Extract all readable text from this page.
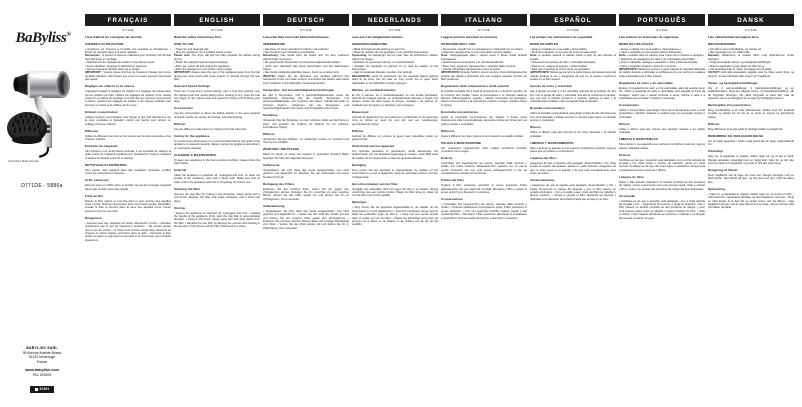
BaByliss®
Instructions Mode d'emploi
D771DE - 5886a
BABYLISS SARL
99 Avenue Aristide Briand
92120 Montrouge
France
www.babyliss.com
FAC 2008/09
300H
FRANÇAIS
D771DE
Lisez d'abord les consignes de sécurité.
CONSEILS D'UTILISATION
• Employez sur cheveux à humidité une serviette et démêlez-les. • Évitez de l'appareil dans une pièce adaptée.
Remarques : le séchoir à cheveux collectera pour conforter l'air humide dont alimenter en séchage.
• Sélectionnez les réglages de chaleur et de vitesse requis.
• Après utilisation, éteignez et débranchez l'appareil.
• Laissez l'appareil refroidir avant de le ranger.
IMPORTANT ! L'avant risque d'arriver de l'appareil d'usage des forces pendant utilisation, afin d'éviter que vous n'en avant appuyez pas la tête des unités.
Réglages de chaleur et de vitesse
L'appareil possède 3 réglages de chaleur et 2 réglages de vitesse ainsi qu'une position air frais. Utilisez les réglages de chaleur et de vitesse maximum au début du séchage. Une fois que les cheveux commencent à sécher, préférez les réglages de chaleur et de vitesse modérés pour terminer et mettre et la coiffure par fin coup.
Embout concentrateur
Utilisez l'embout concentrateur pour diriger le flux d'air directement sur la zone souhaitée et travailler mèche par mèche pour obtenir un coiffage précis et maîtrisé.
Diffuseur
Utilisez le diffuseur pour donner du volume aux boucles naturelles et les cheveux ondulés.
Entretien de l'appareil
Afin d'assurer une performance optimale, il est conseillé de nettoyer la grille arrière de l'appareil régulièrement. Débranchez toujours l'appareil et laissez-le refroidir avant de le nettoyer.
NETTOYAGE ET ENTRETIEN
Pour garder votre appareil dans des conditions optimales, veuillez suivre les instructions ci-dessous.
Grille extérieure
Essuyez avec un chiffon doux et humide. Ne jamais immerger l'appareil dans l'eau ou dans tout autre liquide.
Filtre arrière
Retirez le filtre arrière en tournant dans le sens inverse des aiguilles d'une montre. Nettoyez doucement avec une brosse souple. Réinstallez ensuite le filtre et tournez dans le sens des aiguilles d'une montre jusqu'à ce qu'il se verrouille.
Rangement
• Assurez-vous que l'appareil est éteint, débranché et froid. • Attendez entièrement que le jour de l'appareil à l'extrême. • Ne coupez jamais que le jour du cordon. • À l'aide d'une brosse souple deux éléments au cheveux et autres résidus accrochez dans la grille. • Remettre le filtre arrière et placer en appuyant en tournant et en retournant vers la finètre pressez-en.
ENGLISH
D771DE
Read the safety instructions first.
HOW TO USE
• Towel dry and detangle hair.
• Plug the appliance into a suitable mains socket.
Please note: The dryer will pull the hairs towards the airflow during drying.
• Select the required heat and speed settings.
• After use, switch off and unplug the appliance.
• Allow the appliance to cool before storing away.
IMPORTANT! Always keep the rear of the appliance away from the hair during use, and ensure that loose strands or strands through the rear filter.
Heat and Speed Settings
There are 3 heat and 2 speed settings, plus a cool shot position. Use the highest heat and speed setting when starting to dry; once the hair has begun to dry, reduce heat and speed for styling and finishing your style.
Concentrator
Use the concentrator to direct the airflow directly to the area required and work section by section for precise, controlled styling.
Diffuser
Use the diffuser to add volume to natural curls and wavy hair.
Caring for the appliance
To ensure best performance it is recommended that the rear grille of the appliance is cleaned regularly. Always unplug the appliance and allow it to cool before cleaning.
CLEANING & MAINTENANCE
To keep your appliance in the best possible condition, please follow the steps below.
External
Clean the appliance is switched off, unplugged and cool. To clean the outside of the appliance, wipe with a damp cloth. Make sure that no water enters the appliance and that is completely dry before use.
Cleaning the filter
Remove the rear filter by rotating it anti-clockwise. Clean gently with a soft brush. Replace the filter and rotate clockwise until it locks into place.
Storing
• Ensure the appliance is switched off, unplugged and cool. • Holding the handle of the appliance firmly, twist the rear filter in anti-clockwise direction. • Using a soft brush, sweep away hair and other debris from the filter. • Replace the rear filter by aligning the grooves and twisting in the direction of the arrow until the filter clicks back into place.
DEUTSCH
D771DE
Lesen Sie bitte zuerst die Sicherheitshinweise.
VERWENDUNG
• Das Haar mit einem Handtuch trocknen und entwirren.
• Das Gerät an eine Steckdose anschließen.
Bemerkung: Das Gerät zieht die Haare auf, mit dem Luftstrom während des Trocknens.
• Die gewünschte Temperatur und Geschwindigkeitsstufe wählen.
• Nach dem Gebrauch das Gerät ausschalten und den Netzstecker ziehen.
• Das Gerät vollständig abkühlen lassen, bevor es verstaut wird.
WICHTIG! Halten Sie die Rückseite des Gerätes während des Gebrauchs immer vom Haar entfernt und achten Sie darauf, dass keine losen Strähnen in das Filtergitter eingesaugt werden.
Temperatur- und Geschwindigkeitseinstellungen
Es gibt 3 Temperatur- und 2 Geschwindigkeitsstufen sowie die Kaltluftstufe. Verwenden Sie die höchste Temperatur- und Geschwindigkeitsstufe zum Trocknen des Haars. Sobald das Haar zu trocknen beginnt, reduzieren Sie die Temperatur- und Geschwindigkeitsstufe zum Stylen und Fertigstellen Ihrer Frisur.
Styledüse
Verwenden Sie die Styledüse, um den Luftstrom direkt auf die Partie zu leiten und arbeiten Sie Strähne für Strähne für ein präzises, kontrolliertes Styling.
Diffusor
Verwenden Sie den Diffusor, um natürlichen Locken zu verleihen und Volumen zu schaffen.
WARTUNG UND PFLEGE
Damit Ihr Gerät so lange wie möglich in optimalem Zustand bleibt, beachten Sie bitte die folgenden Hinweise.
Außenseite
Vergewissern Sie sich, dass das Gerät ausgeschaltet, vom Netz getrennt und abgekühlt ist. Wischen Sie die Außenseite mit einem feuchten Tuch ab.
Reinigung des Filters
Entfernen Sie den hinteren Filter, indem Sie ihn gegen den Uhrzeigersinn drehen. Reinigen Sie ihn vorsichtig mit einer weichen Bürste. Setzen Sie den Filter wieder ein und drehen Sie ihn im Uhrzeigersinn, bis er einrastet.
Aufbewahrung
• Vergewissern Sie sich, dass das Gerät ausgeschaltet, vom Netz getrennt und abgekühlt ist. • Halten Sie den Griff des Geräts gut fest und drehen Sie den hinteren Filter gegen den Uhrzeigersinn. • Entfernen Sie mit einer weichen Bürste Haare und sonstige Rückstände vom Filter. • Setzen Sie den Filter wieder auf und drehen Sie ihn in Pfeilrichtung, bis er einrastet.
NEDERLANDS
D771DE
Lees eerst de veiligheidsinstructies.
GEBRUIKSAANWIJZING
• Maak het haar handdoekdroog en kam het.
• Steek de stekker van het apparaat in een geschikt stopcontact.
Opmerking: de haardroger zal het haar naar de luchtstroom trekken tijdens het drogen.
• Selecteer de gewenste warmte- en snelheidsstand.
• Schakel het apparaat na gebruik uit en haal de stekker uit het stopcontact.
• Laat het apparaat afkoelen voordat u het opbergt.
BELANGRIJK! Houd de achterkant van het apparaat tijdens gebruik altijd uit de buurt van het haar en zorg ervoor dat er geen losse haarlokken in het achterfilter worden gezogen.
Warmte- en snelheidsstanden
Er zijn 3 warmte- en 2 snelheidsstanden en een koude luchtstand. Gebruik de hoogste warmte- en snelheidsstand wanneer u begint met drogen. Zodra het haar begint te drogen, verlaagt u de warmte en snelheid voor het stylen en afwerken van uw kapsel.
Blaasmond
Gebruik de blaasmond om de luchtstroom rechtstreeks op de gewenste zone te richten en werk lok voor lok voor een nauwkeurige, gecontroleerde styling.
Diffuser
Gebruik de diffuser om volume te geven aan natuurlijke krullen en golvend haar.
Onderhoud van het apparaat
Om optimale prestaties te garanderen, wordt aanbevolen het achterrooster van het apparaat regelmatig te reinigen. Haal altijd eerst de stekker uit het stopcontact en laat het apparaat afkoelen.
Reiniging
Zorg ervoor dat het apparaat is uitgeschakeld, de stekker uit het stopcontact is en het is afgekoeld. Veeg de buitenkant schoon met een vochtige doek.
Het schoonmaken van het filter
Verwijder het achterfilter door het tegen de klok in te draaien. Reinig voorzichtig met een zachte borstel. Plaats het filter terug en draai het met de klok mee tot het vastklikt.
Opbergen
• Zorg ervoor dat het apparaat uitgeschakeld is, de stekker uit het stopcontact is en het afgekoeld is. • Houd de handgreep stevig vast en draai het achterfilter tegen de klok in. • Veeg met een zachte borstel haar en ander vuil van het filter. • Plaats het achterfilter terug door de groeven uit te lijnen en te draaien in de richting van de pijl tot het vastklikt.
ITALIANO
D771DE
Leggere prima le istruzioni di sicurezza.
ISTRUZIONI PER L'USO
• Tamponare i capelli con un asciugamano e districarli con un pettine.
• Attaccare l'apparecchio a una presa della corrente adatta.
Nota: l'asciugacapelli attira i capelli verso il flusso d'aria durante l'asciugatura.
• Selezionare la temperatura e la velocità desiderate.
• Dopo l'uso, spegnere l'apparecchio e staccarlo dalla corrente.
• Lasciar raffreddare l'apparecchio prima di riporlo.
IMPORTANTE! Durante l'utilizzo tenere sempre il retro dell'apparecchio lontano dai capelli e accertarsi che non vengano aspirate ciocche nel filtro posteriore.
Regolazione della temperatura e della velocità
È possibile scegliere fra 3 livelli di temperatura e 2 livelli di velocità, più la funzione aria fredda. Usare la temperatura e la velocità massime all'inizio dell'asciugatura; quando i capelli cominciano ad asciugarsi, ridurre la temperatura e la velocità per mettere in piega i capelli e rifinire lo styling.
Bocchetta concentratrice
Usare la bocchetta concentratrice per dirigere il flusso d'aria direttamente sulla zona desiderata, lavorando ciocca per ciocca per uno styling preciso e controllato.
Diffusore
Usare il diffusore per dare volume ai ricci naturali e ai capelli ondulati.
PULIZIA E MANUTENZIONE
Per mantenere l'apparecchio nelle migliori condizioni possibili, procedere come segue.
Esterno
Controllare che l'apparecchio sia spento, staccato dalla corrente e freddo. Per pulire l'esterno dell'apparecchio, passare con un panno umido. Accertarsi che non entri acqua nell'apparecchio e che sia completamente asciutto prima dell'uso.
Pulizia del filtro
Togliere il filtro posteriore girandolo in senso antiorario. Pulire delicatamente con una spazzola morbida. Rimettere il filtro e girarlo in senso orario fino a bloccarlo in posizione.
Conservazione
• Controllare che l'apparecchio sia spento, staccato dalla corrente e freddo. • Tenendo saldamente l'impugnatura, girare il filtro posteriore in senso antiorario. • Con una spazzola morbida, togliere capelli e altri residui dal filtro. • Rimettere il filtro posteriore allineando le scanalature e girandolo in direzione della freccia fino a bloccarlo in posizione.
ESPAÑOL
D771DE
Lea primero las instrucciones de seguridad.
MODO DE EMPLEO
• Seque el cabello con una toalla y desenrédelo.
• Enchufe el aparato a una toma de corriente adecuada.
Nota: el secador atraerá el cabello hacia el flujo de aire durante el secado.
• Seleccione los ajustes de calor y velocidad deseados.
• Tras el uso, apague el aparato y desenchúfelo.
• Deje que el aparato se enfríe antes de guardarlo.
¡IMPORTANTE! Mantenga siempre la parte trasera del aparato lejos del cabello durante el uso y asegúrese de que no se aspiren mechones sueltos en el filtro trasero.
Ajustes de calor y velocidad
Hay 3 ajustes de calor y 2 de velocidad, además de la posición de aire frío. Use el ajuste de calor y velocidad más alto al comenzar el secado; una vez que el cabello comience a secarse, reduzca el calor y la velocidad para moldear y dar el acabado final al peinado.
Boquilla concentradora
Utilice la boquilla concentradora para dirigir el flujo de aire directamente a la zona deseada y trabaje mechón a mechón para lograr un peinado preciso y controlado.
Difusor
Utilice el difusor para dar volumen a los rizos naturales y al cabello ondulado.
LIMPIEZA Y MANTENIMIENTO
Para mantener el aparato en las mejores condiciones posibles, siga los pasos que se indican a continuación.
Limpieza del filtro
Asegúrese de que el aparato esté apagado, desenchufado y frío. Para limpiar el exterior del aparato, pásele un paño húmedo. Asegúrese de que no entre agua en el aparato y de que esté completamente seco antes de usarlo.
Almacenamiento
• Asegúrese de que el aparato esté apagado, desenchufado y frío. • Sujete firmemente el mango del aparato y gire el filtro trasero en sentido antihorario. • Con un cepillo suave, retire del filtro los cabellos y demás residuos. • Vuelva a colocar el filtro alineando las ranuras y girándolo en la dirección de la flecha hasta que encaje en su sitio.
PORTUGUÊS
D771DE
Leia primeiro as instruções de segurança.
MODO DE UTILIZAÇÃO
• Seque o cabelo com uma toalha e desembarace-o.
• Ligue o aparelho a uma tomada elétrica adequada.
Nota: o secador atrai os cabelos para o fluxo de ar durante a secagem.
• Selecione as regulações de calor e de velocidade pretendidas.
• Após a utilização, desligue o aparelho e retire a ficha da tomada.
• Deixe o aparelho arrefecer antes de o arrumar.
IMPORTANTE! Mantenha sempre a parte traseira do aparelho afastada do cabelo durante a utilização e certifique-se de que nenhuma madeixa solta é aspirada para o filtro traseiro.
Regulações de calor e de velocidade
Existem 3 regulações de calor e 2 de velocidade, além da posição de ar frio. Utilize a regulação de calor e velocidade mais elevada no início da secagem; assim que o cabelo começar a secar, reduza o calor e a velocidade para modelar e finalizar o penteado.
Concentrador
Utilize o concentrador para dirigir o fluxo de ar diretamente para a zona pretendida e trabalhe madeixa a madeixa para um penteado preciso e controlado.
Difusor
Utilize o difusor para dar volume aos caracóis naturais e ao cabelo ondulado.
LIMPEZA E MANUTENÇÃO
Para manter o seu aparelho nas melhores condições possíveis, siga os passos indicados abaixo.
Exterior
Certifique-se de que o aparelho está desligado, com a ficha retirada da tomada e frio. Para limpar o exterior do aparelho, passe um pano húmido. Certifique-se de que não entra água no aparelho e de que está completamente seco antes de o utilizar.
Limpeza do filtro
Retire o filtro traseiro rodando-o no sentido contrário ao dos ponteiros do relógio. Limpe suavemente com uma escova macia. Volte a colocar o filtro e rode-o no sentido dos ponteiros do relógio até ficar bloqueado.
Arrumação
• Certifique-se de que o aparelho está desligado, com a ficha retirada da tomada e frio. • Segurando firmemente a pega do aparelho, rode o filtro traseiro no sentido contrário ao dos ponteiros do relógio. • Com uma escova macia, retire os cabelos e outros resíduos do filtro. • Volte a colocar o filtro traseiro alinhando as ranhuras e rodando-o na direção da seta até encaixar no lugar.
DANSK
D771DE
Læs sikkerhedsanvisningerne først.
BRUGSANVISNING
• Tør håret med et håndklæde, og red det ud.
• Sæt apparatet ind i en stikkontakt.
Bemærk: hårtørreren vil trække håret mod luftstrømmen under tørringen.
• Vælg de ønskede varme- og hastighedsindstillinger.
• Sluk for apparatet og tag stikket ud efter brug.
• Lad apparatet køle af, inden du lægger det på plads.
VIGTIGT! Hold altid apparatets bagside væk fra håret under brug, og sørg for, at løse hårlokker ikke suges ind i bagfilteret.
Varme- og hastighedsindstillinger
Der er 3 varmeindstillinger, 2 hastighedsindstillinger og en koldluftsfunktion. Brug den højeste varme- og hastighedsindstilling, når du begynder tørringen; når håret begynder at blive tørt, skal du reducere varme og hastighed for at style og færdiggøre frisuren.
Mundstykke til koncentration
Brug mundstykket til at rette luftstrømmen direkte mod det ønskede område og arbejd lok for lok for at opnå en præcis og kontrolleret styling.
Diffuser
Brug diffuseren til at give fylde til naturlige krøller og bølget hår.
RENGØRING OG VEDLIGEHOLDELSE
For at holde apparatet i bedst mulig stand bør du følge nedenstående trin.
Udvendigt
Sørg for, at apparatet er slukket, stikket taget ud, og at det er koldt. Rengør apparatet udvendigt med en fugtig klud. Sørg for, at der ikke kommer vand ind i apparatet, og at det er helt tørt inden brug.
Rengøring af filteret
Fjern bagfilteret ved at dreje det mod uret. Rengør forsigtigt med en blød børste. Sæt filteret på igen, og drej det med uret, indtil det låses fast.
Opbevaring
• Sørg for, at apparatet er slukket, stikket taget ud, og at det er koldt. • Hold godt fast i apparatets håndtag, og drej bagfilteret mod uret. • Brug en blød børste til at feje hår og andet snavs væk fra filteret. • Sæt bagfilteret på igen ved at rette rillerne ind og dreje i pilens retning, indtil det klikker på plads.
